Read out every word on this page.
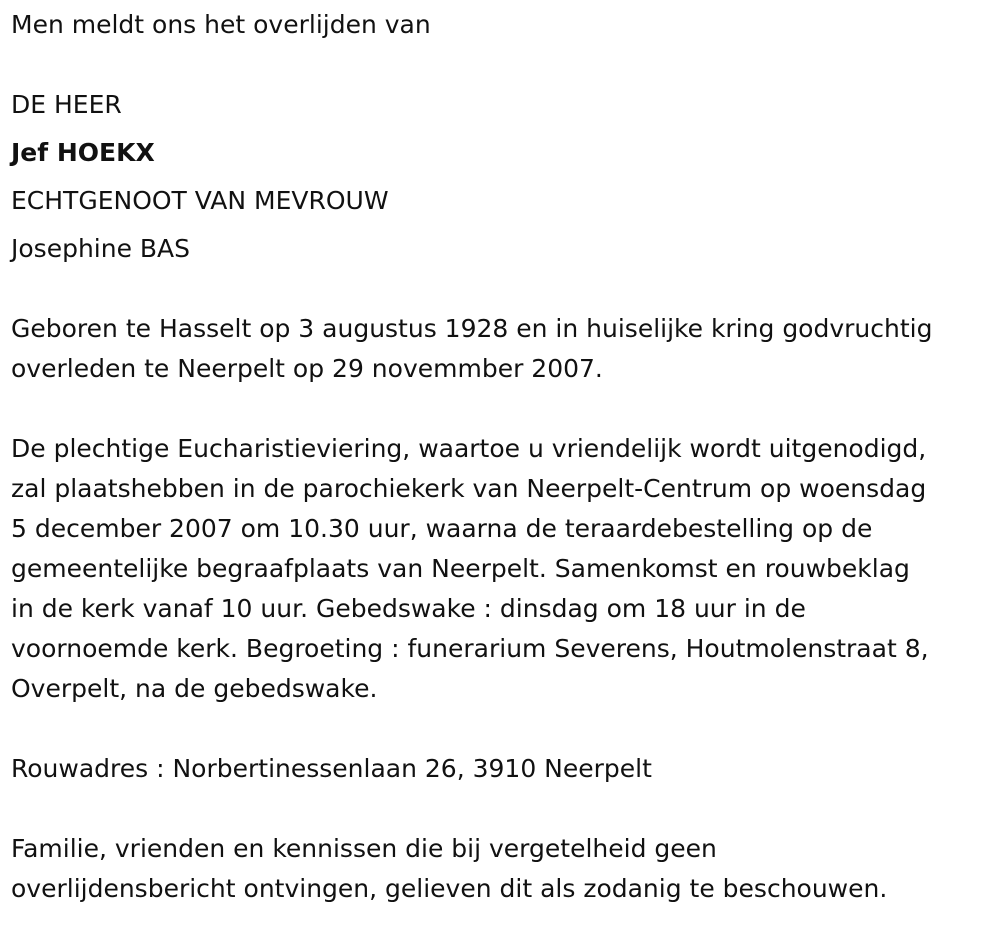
Men meldt ons het overlijden van
DE HEER
Jef HOEKX
ECHTGENOOT VAN MEVROUW
Josephine BAS
Geboren te Hasselt op 3 augustus 1928 en in huiselijke kring godvruchtig
overleden te Neerpelt op 29 novemmber 2007.
De plechtige Eucharistieviering, waartoe u vriendelijk wordt uitgenodigd,
zal plaatshebben in de parochiekerk van Neerpelt-Centrum op woensdag
5 december 2007 om 10.30 uur, waarna de teraardebestelling op de
gemeentelijke begraafplaats van Neerpelt. Samenkomst en rouwbeklag
in de kerk vanaf 10 uur. Gebedswake : dinsdag om 18 uur in de
voornoemde kerk. Begroeting : funerarium Severens, Houtmolenstraat 8,
Overpelt, na de gebedswake.
Rouwadres : Norbertinessenlaan 26, 3910 Neerpelt
Familie, vrienden en kennissen die bij vergetelheid geen
overlijdensbericht ontvingen, gelieven dit als zodanig te beschouwen.
